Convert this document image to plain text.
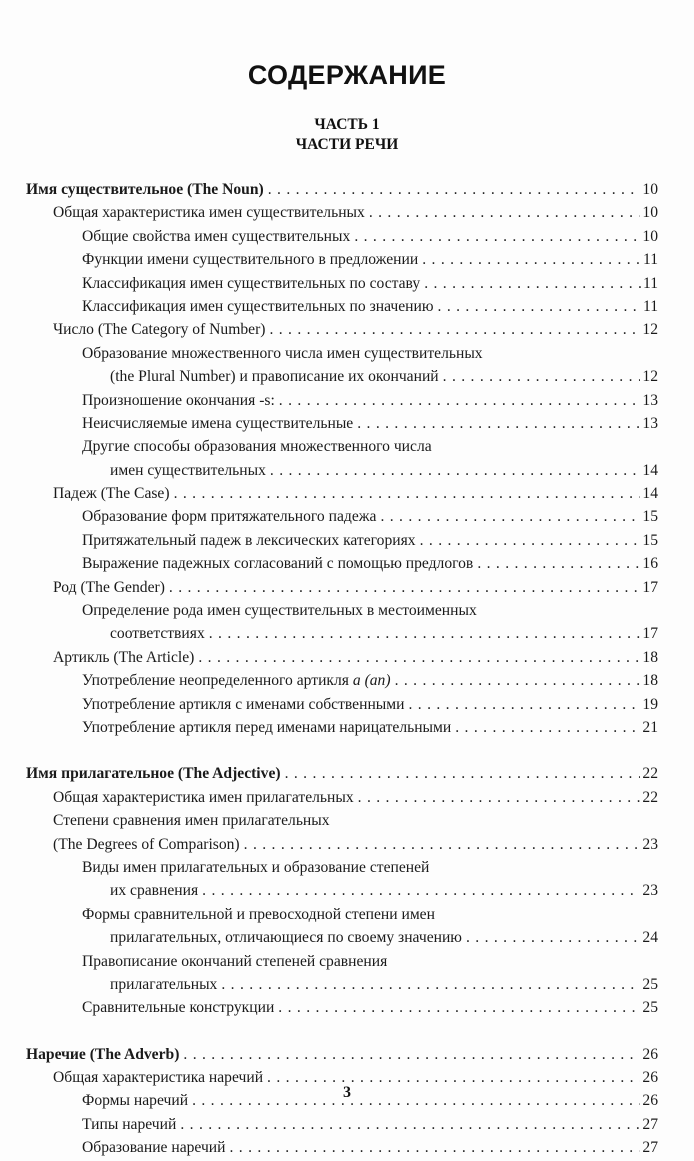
СОДЕРЖАНИЕ
ЧАСТЬ 1
ЧАСТИ РЕЧИ
Имя существительное (The Noun) . . .	10
Общая характеристика имен существительных . . .	10
Общие свойства имен существительных . . .	10
Функции имени существительного в предложении . . .	11
Классификация имен существительных по составу . . .	11
Классификация имен существительных по значению . . .	11
Число (The Category of Number) . . .	12
Образование множественного числа имен существительных
(the Plural Number) и правописание их окончаний . . .	12
Произношение окончания -s: . . .	13
Неисчисляемые имена существительные . . .	13
Другие способы образования множественного числа
имен существительных . . .	14
Падеж (The Case) . . .	14
Образование форм притяжательного падежа . . .	15
Притяжательный падеж в лексических категориях . . .	15
Выражение падежных согласований с помощью предлогов . . .	16
Род (The Gender) . . .	17
Определение рода имен существительных в местоименных
соответствиях . . .	17
Артикль (The Article) . . .	18
Употребление неопределенного артикля a (an) . . .	18
Употребление артикля с именами собственными . . .	19
Употребление артикля перед именами нарицательными . . .	21
Имя прилагательное (The Adjective) . . .	22
Общая характеристика имен прилагательных . . .	22
Степени сравнения имен прилагательных
(The Degrees of Comparison) . . .	23
Виды имен прилагательных и образование степеней
их сравнения . . .	23
Формы сравнительной и превосходной степени имен
прилагательных, отличающиеся по своему значению . . .	24
Правописание окончаний степеней сравнения
прилагательных . . .	25
Сравнительные конструкции . . .	25
Наречие (The Adverb) . . .	26
Общая характеристика наречий . . .	26
Формы наречий . . .	26
Типы наречий . . .	27
Образование наречий . . .	27
3
